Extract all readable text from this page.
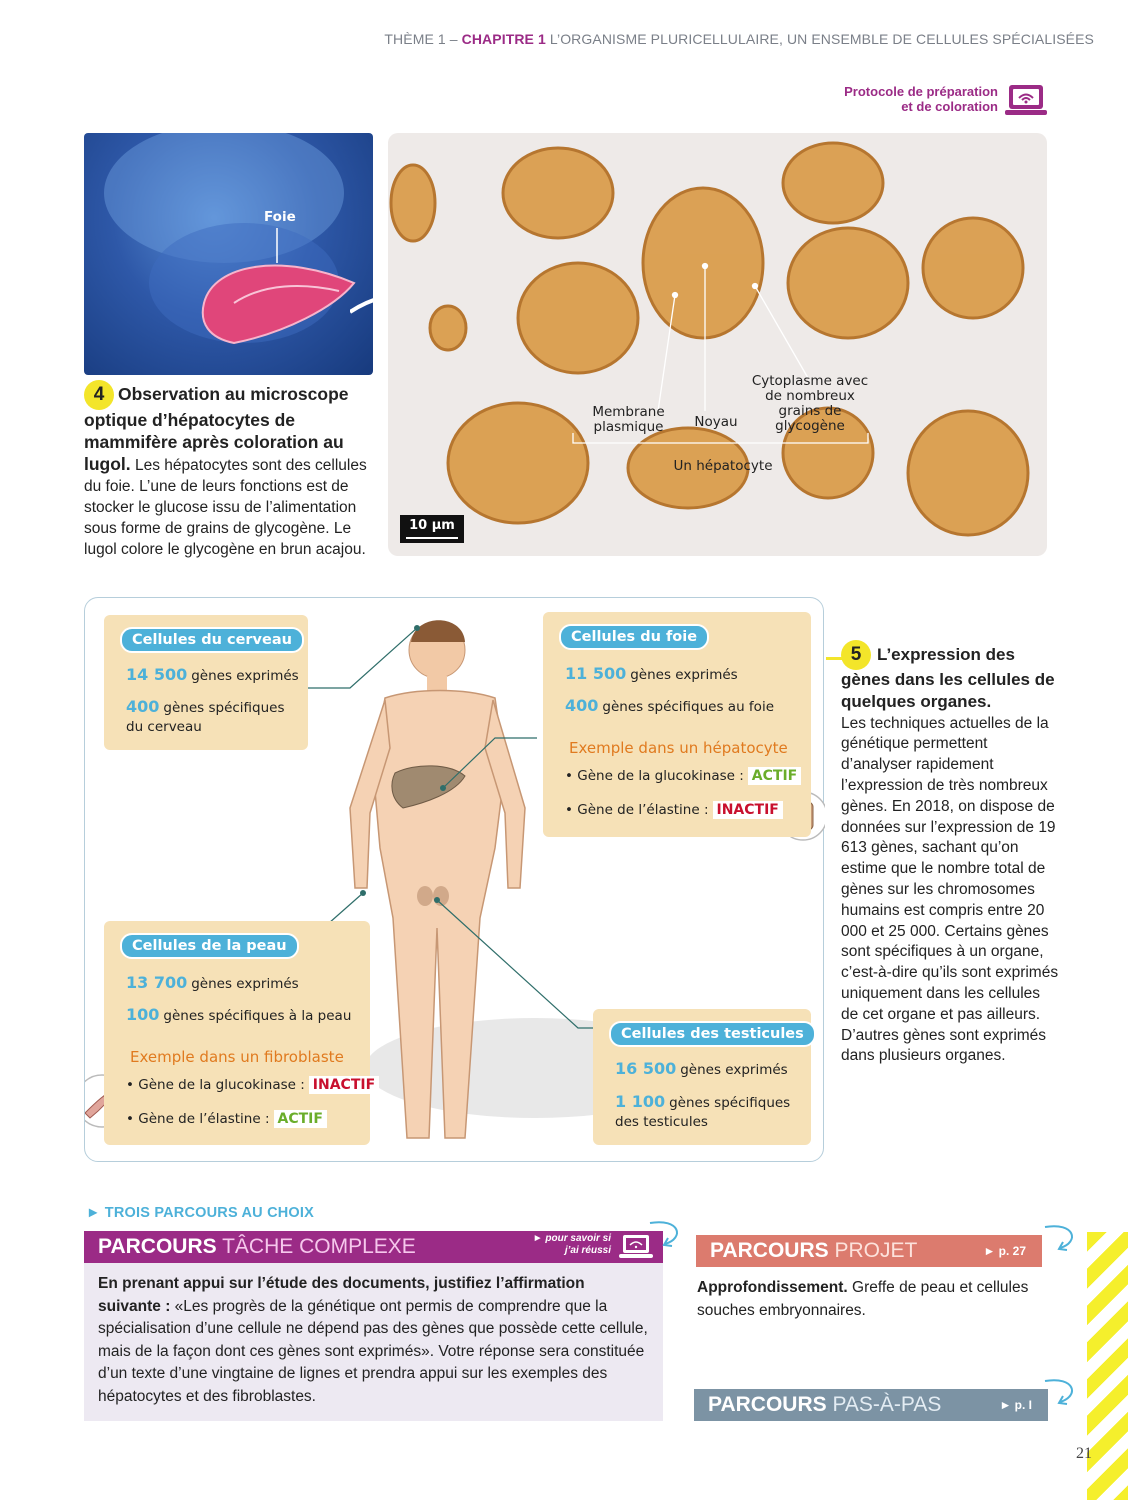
THÈME 1 – CHAPITRE 1 L’ORGANISME PLURICELLULAIRE, UN ENSEMBLE DE CELLULES SPÉCIALISÉES
Protocole de préparation
et de coloration
Foie
Membrane plasmique	Noyau
Cytoplasme avec de nombreux grains de glycogène
Un hépatocyte
10 µm
4 Observation au microscope optique d’hépatocytes de mammifère après coloration au lugol. Les hépatocytes sont des cellules du foie. L’une de leurs fonctions est de stocker le glucose issu de l’alimentation sous forme de grains de glycogène. Le lugol colore le glycogène en brun acajou.
Cellules du cerveau
14 500 gènes exprimés
400 gènes spécifiques
du cerveau
Cellules du foie
11 500 gènes exprimés
400 gènes spécifiques au foie
Exemple dans un hépatocyte
• Gène de la glucokinase : ACTIF
• Gène de l’élastine : INACTIF
Cellules de la peau
13 700 gènes exprimés
100 gènes spécifiques à la peau
Exemple dans un fibroblaste
• Gène de la glucokinase : INACTIF
• Gène de l’élastine : ACTIF
Cellules des testicules
16 500 gènes exprimés
1 100 gènes spécifiques
des testicules
5 L’expression des gènes dans les cellules de quelques organes.
Les techniques actuelles de la génétique permettent d’analyser rapidement l’expression de très nombreux gènes. En 2018, on dispose de données sur l’expression de 19 613 gènes, sachant qu’on estime que le nombre total de gènes sur les chromosomes humains est compris entre 20 000 et 25 000. Certains gènes sont spécifiques à un organe, c’est-à-dire qu’ils sont exprimés uniquement dans les cellules de cet organe et pas ailleurs. D’autres gènes sont exprimés dans plusieurs organes.
► TROIS PARCOURS AU CHOIX
PARCOURS TÂCHE COMPLEXE	► pour savoir si j’ai réussi
En prenant appui sur l’étude des documents, justifiez l’affirmation suivante : «Les progrès de la génétique ont permis de comprendre que la spécialisation d’une cellule ne dépend pas des gènes que possède cette cellule, mais de la façon dont ces gènes sont exprimés». Votre réponse sera constituée d’un texte d’une vingtaine de lignes et prendra appui sur les exemples des hépatocytes et des fibroblastes.
PARCOURS PROJET	► p. 27
Approfondissement. Greffe de peau et cellules souches embryonnaires.
PARCOURS PAS-À-PAS	► p. I
21
